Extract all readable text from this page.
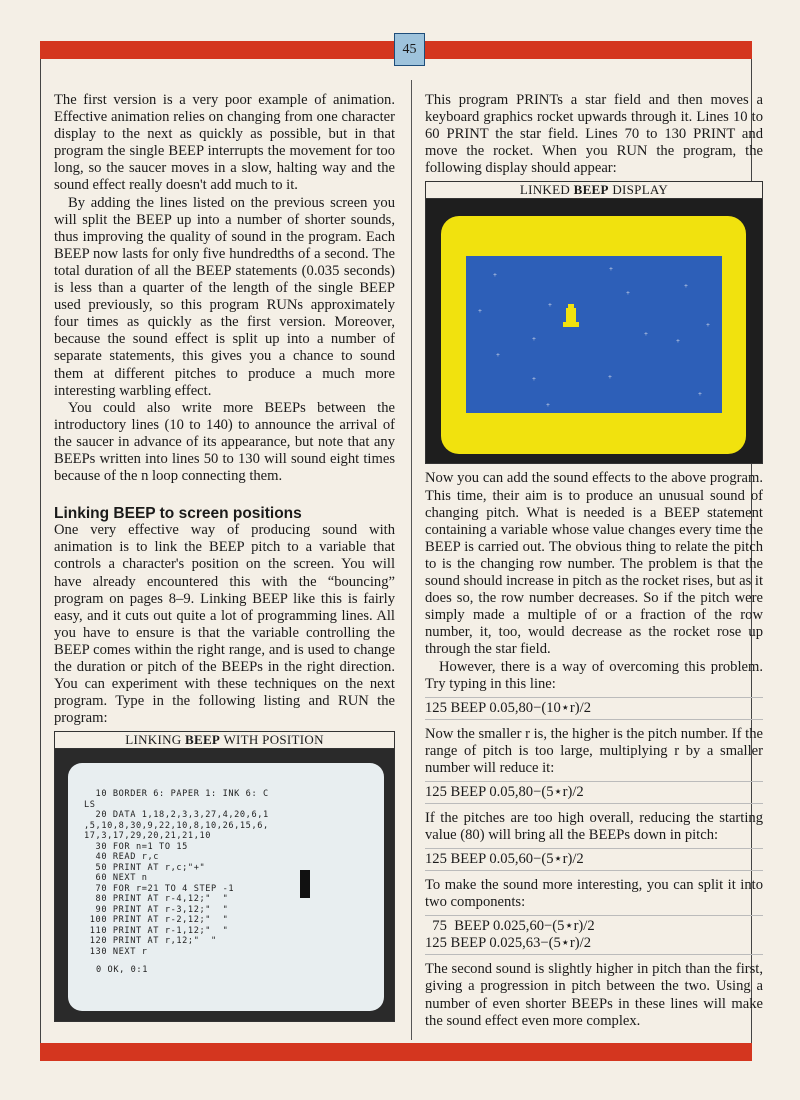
45

The first version is a very poor example of animation. Effective animation relies on changing from one character display to the next as quickly as possible, but in that program the single BEEP interrupts the movement for too long, so the saucer moves in a slow, halting way and the sound effect really doesn't add much to it.

By adding the lines listed on the previous screen you will split the BEEP up into a number of shorter sounds, thus improving the quality of sound in the program. Each BEEP now lasts for only five hundredths of a second. The total duration of all the BEEP statements (0.035 seconds) is less than a quarter of the length of the single BEEP used previously, so this program RUNs approximately four times as quickly as the first version. Moreover, because the sound effect is split up into a number of separate statements, this gives you a chance to sound them at different pitches to produce a much more interesting warbling effect.

You could also write more BEEPs between the introductory lines (10 to 140) to announce the arrival of the saucer in advance of its appearance, but note that any BEEPs written into lines 50 to 130 will sound eight times because of the n loop connecting them.

Linking BEEP to screen positions

One very effective way of producing sound with animation is to link the BEEP pitch to a variable that controls a character's position on the screen. You will have already encountered this with the “bouncing” program on pages 8–9. Linking BEEP like this is fairly easy, and it cuts out quite a lot of programming lines. All you have to ensure is that the variable controlling the BEEP comes within the right range, and is used to change the duration or pitch of the BEEPs in the right direction. You can experiment with these techniques on the next program. Type in the following listing and RUN the program:

LINKING BEEP WITH POSITION
10 BORDER 6: PAPER 1: INK 6: C
LS
20 DATA 1,18,2,3,3,27,4,20,6,1
,5,10,8,30,9,22,10,8,10,26,15,6,
17,3,17,29,20,21,21,10
30 FOR n=1 TO 15
40 READ r,c
50 PRINT AT r,c;"+"
60 NEXT n
70 FOR r=21 TO 4 STEP -1
80 PRINT AT r-4,12;"  "
90 PRINT AT r-3,12;"  "
100 PRINT AT r-2,12;"  "
110 PRINT AT r-1,12;"  "
120 PRINT AT r,12;"  "
130 NEXT r
0 OK, 0:1

This program PRINTs a star field and then moves a keyboard graphics rocket upwards through it. Lines 10 to 60 PRINT the star field. Lines 70 to 130 PRINT and move the rocket. When you RUN the program, the following display should appear:

LINKED BEEP DISPLAY
+
+
+
+
+
+
+
+
+
+
+
+
+
+
+

Now you can add the sound effects to the above program. This time, their aim is to produce an unusual sound of changing pitch. What is needed is a BEEP statement containing a variable whose value changes every time the BEEP is carried out. The obvious thing to relate the pitch to is the changing row number. The problem is that the sound should increase in pitch as the rocket rises, but as it does so, the row number decreases. So if the pitch were simply made a multiple of or a fraction of the row number, it, too, would decrease as the rocket rose up through the star field.

However, there is a way of overcoming this problem. Try typing in this line:

125 BEEP 0.05,80−(10⋆r)/2

Now the smaller r is, the higher is the pitch number. If the range of pitch is too large, multiplying r by a smaller number will reduce it:

125 BEEP 0.05,80−(5⋆r)/2

If the pitches are too high overall, reducing the starting value (80) will bring all the BEEPs down in pitch:

125 BEEP 0.05,60−(5⋆r)/2

To make the sound more interesting, you can split it into two components:

75  BEEP 0.025,60−(5⋆r)/2
125 BEEP 0.025,63−(5⋆r)/2

The second sound is slightly higher in pitch than the first, giving a progression in pitch between the two. Using a number of even shorter BEEPs in these lines will make the sound effect even more complex.
